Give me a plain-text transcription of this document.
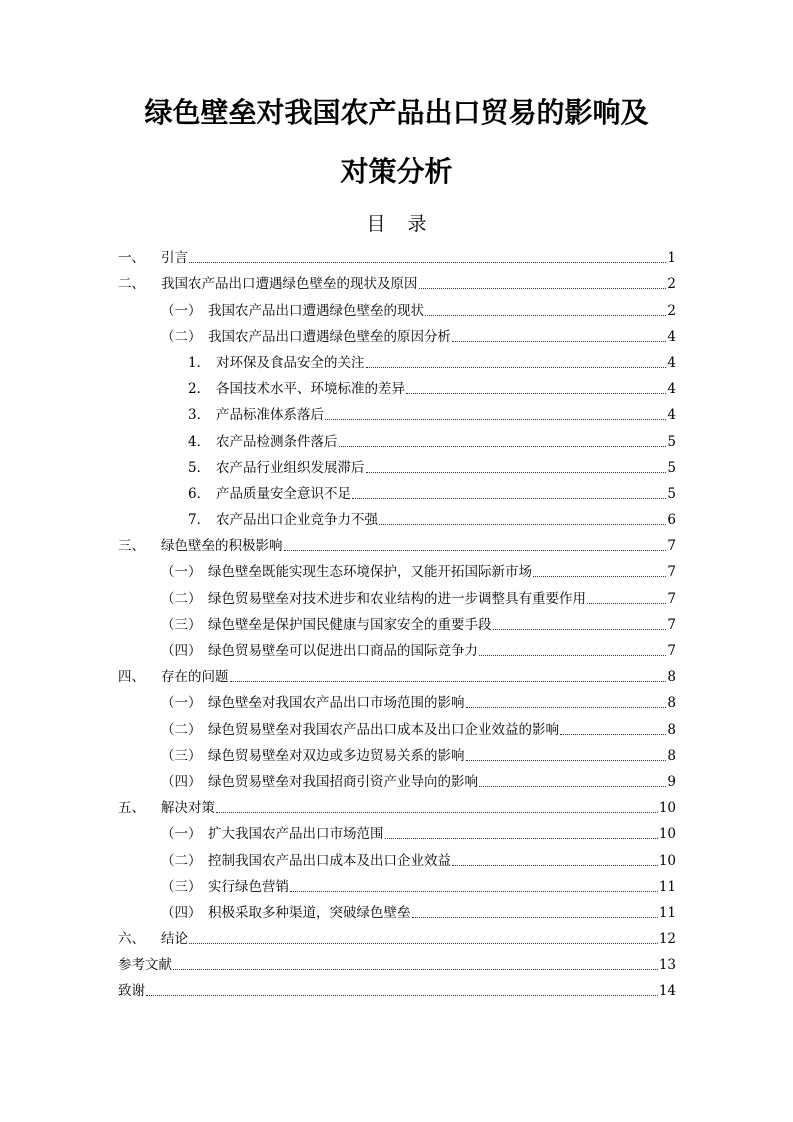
绿色壁垒对我国农产品出口贸易的影响及
对策分析
目 录
一、	引言	1
二、	我国农产品出口遭遇绿色壁垒的现状及原因	2
（一） 我国农产品出口遭遇绿色壁垒的现状	2
（二） 我国农产品出口遭遇绿色壁垒的原因分析	4
1． 对环保及食品安全的关注	4
2． 各国技术水平、环境标准的差异	4
3． 产品标准体系落后	4
4． 农产品检测条件落后	5
5． 农产品行业组织发展滞后	5
6． 产品质量安全意识不足	5
7． 农产品出口企业竞争力不强	6
三、	绿色壁垒的积极影响	7
（一） 绿色壁垒既能实现生态环境保护，又能开拓国际新市场	7
（二） 绿色贸易壁垒对技术进步和农业结构的进一步调整具有重要作用	7
（三） 绿色壁垒是保护国民健康与国家安全的重要手段	7
（四） 绿色贸易壁垒可以促进出口商品的国际竞争力	7
四、	存在的问题	8
（一） 绿色壁垒对我国农产品出口市场范围的影响	8
（二） 绿色贸易壁垒对我国农产品出口成本及出口企业效益的影响	8
（三） 绿色贸易壁垒对双边或多边贸易关系的影响	8
（四） 绿色贸易壁垒对我国招商引资产业导向的影响	9
五、	解决对策	10
（一） 扩大我国农产品出口市场范围	10
（二） 控制我国农产品出口成本及出口企业效益	10
（三） 实行绿色营销	11
（四） 积极采取多种渠道，突破绿色壁垒	11
六、	结论	12
参考文献	13
致谢	14
